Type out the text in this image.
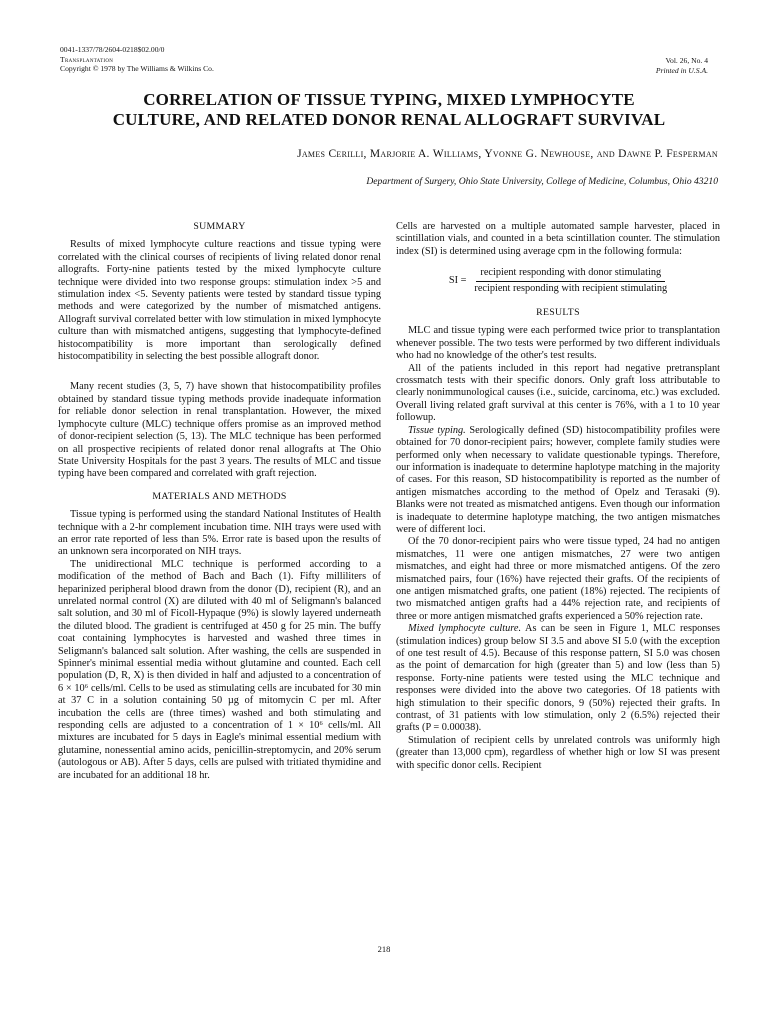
0041-1337/78/2604-0218$02.00/0
Transplantation
Copyright © 1978 by The Williams & Wilkins Co.
Vol. 26, No. 4
Printed in U.S.A.
CORRELATION OF TISSUE TYPING, MIXED LYMPHOCYTE
CULTURE, AND RELATED DONOR RENAL ALLOGRAFT SURVIVAL
James Cerilli, Marjorie A. Williams, Yvonne G. Newhouse, and Dawne P. Fesperman
Department of Surgery, Ohio State University, College of Medicine, Columbus, Ohio 43210

SUMMARY

Results of mixed lymphocyte culture reactions and tissue typing were correlated with the clinical courses of recipients of living related donor renal allografts. Forty-nine patients tested by the mixed lymphocyte culture technique were divided into two response groups: stimulation index >5 and stimulation index <5. Seventy patients were tested by standard tissue typing methods and were categorized by the number of mismatched antigens. Allograft survival correlated better with low stimulation in mixed lymphocyte culture than with mismatched antigens, suggesting that lymphocyte-defined histocompatibility is more important than serologically defined histocompatibility in selecting the best possible allograft donor.

Many recent studies (3, 5, 7) have shown that histocompatibility profiles obtained by standard tissue typing methods provide inadequate information for reliable donor selection in renal transplantation. However, the mixed lymphocyte culture (MLC) technique offers promise as an improved method of donor-recipient selection (5, 13). The MLC technique has been performed on all prospective recipients of related donor renal allografts at The Ohio State University Hospitals for the past 3 years. The results of MLC and tissue typing have been compared and correlated with graft rejection.

MATERIALS AND METHODS

Tissue typing is performed using the standard National Institutes of Health technique with a 2-hr complement incubation time. NIH trays were used with an error rate reported of less than 5%. Error rate is based upon the results of an unknown sera incorporated on NIH trays.

The unidirectional MLC technique is performed according to a modification of the method of Bach and Bach (1). Fifty milliliters of heparinized peripheral blood drawn from the donor (D), recipient (R), and an unrelated normal control (X) are diluted with 40 ml of Seligmann's balanced salt solution, and 30 ml of Ficoll-Hypaque (9%) is slowly layered underneath the diluted blood. The gradient is centrifuged at 450 g for 25 min. The buffy coat containing lymphocytes is harvested and washed three times in Seligmann's balanced salt solution. After washing, the cells are suspended in Spinner's minimal essential media without glutamine and counted. Each cell population (D, R, X) is then divided in half and adjusted to a concentration of 6 × 10⁶ cells/ml. Cells to be used as stimulating cells are incubated for 30 min at 37 C in a solution containing 50 µg of mitomycin C per ml. After incubation the cells are (three times) washed and both stimulating and responding cells are adjusted to a concentration of 1 × 10⁶ cells/ml. All mixtures are incubated for 5 days in Eagle's minimal essential medium with glutamine, nonessential amino acids, penicillin-streptomycin, and 20% serum (autologous or AB). After 5 days, cells are pulsed with tritiated thymidine and are incubated for an additional 18 hr.

Cells are harvested on a multiple automated sample harvester, placed in scintillation vials, and counted in a beta scintillation counter. The stimulation index (SI) is determined using average cpm in the following formula:

SI = $\frac{\text{recipient responding with donor stimulating}}{\text{recipient responding with recipient stimulating}}$

RESULTS

MLC and tissue typing were each performed twice prior to transplantation whenever possible. The two tests were performed by two different individuals who had no knowledge of the other's test results.

All of the patients included in this report had negative pretransplant crossmatch tests with their specific donors. Only graft loss attributable to clearly nonimmunological causes (i.e., suicide, carcinoma, etc.) was excluded. Overall living related graft survival at this center is 76%, with a 1 to 10 year followup.

Tissue typing. Serologically defined (SD) histocompatibility profiles were obtained for 70 donor-recipient pairs; however, complete family studies were performed only when necessary to validate questionable typings. Therefore, our information is inadequate to determine haplotype matching in the majority of cases. For this reason, SD histocompatibility is reported as the number of antigen mismatches according to the method of Opelz and Terasaki (9). Blanks were not treated as mismatched antigens. Even though our information is inadequate to determine haplotype matching, the two antigen mismatches were of different loci.

Of the 70 donor-recipient pairs who were tissue typed, 24 had no antigen mismatches, 11 were one antigen mismatches, 27 were two antigen mismatches, and eight had three or more mismatched antigens. Of the zero mismatched pairs, four (16%) have rejected their grafts. Of the recipients of one antigen mismatched grafts, one patient (18%) rejected. The recipients of two mismatched antigen grafts had a 44% rejection rate, and recipients of three or more antigen mismatched grafts experienced a 50% rejection rate.

Mixed lymphocyte culture. As can be seen in Figure 1, MLC responses (stimulation indices) group below SI 3.5 and above SI 5.0 (with the exception of one test result of 4.5). Because of this response pattern, SI 5.0 was chosen as the point of demarcation for high (greater than 5) and low (less than 5) response. Forty-nine patients were tested using the MLC technique and responses were divided into the above two categories. Of 18 patients with high stimulation to their specific donors, 9 (50%) rejected their grafts. In contrast, of 31 patients with low stimulation, only 2 (6.5%) rejected their grafts (P = 0.00038).

Stimulation of recipient cells by unrelated controls was uniformly high (greater than 13,000 cpm), regardless of whether high or low SI was present with specific donor cells. Recipient

218
